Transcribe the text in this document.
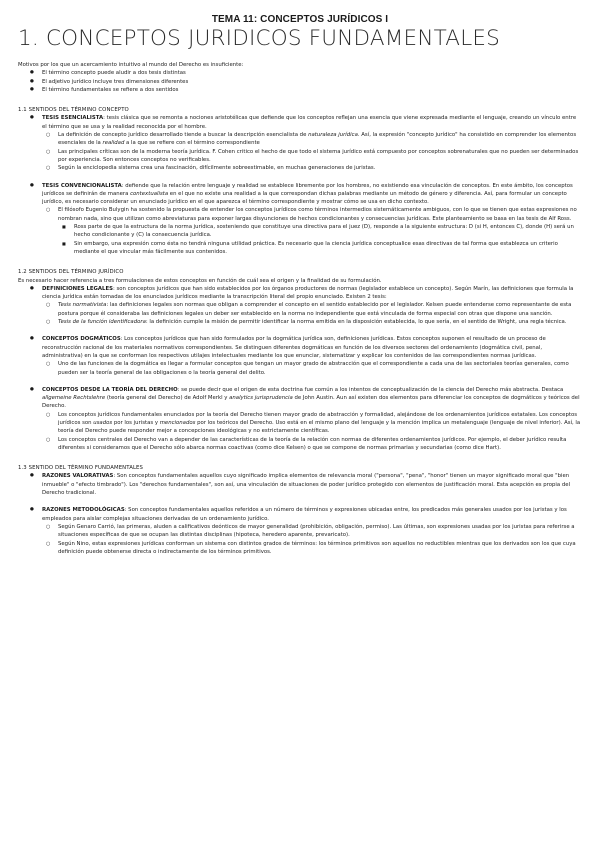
TEMA 11: CONCEPTOS JURÍDICOS I
1. CONCEPTOS JURIDICOS FUNDAMENTALES

Motivos por los que un acercamiento intuitivo al mundo del Derecho es insuficiente:

● El término concepto puede aludir a dos tesis distintas
● El adjetivo jurídico incluye tres dimensiones diferentes
● El término fundamentales se refiere a dos sentidos

1.1 SENTIDOS DEL TÉRMINO CONCEPTO

● TESIS ESENCIALISTA: tesis clásica que se remonta a nociones aristotélicas que defiende que los conceptos reflejan una esencia que viene expresada mediante el lenguaje, creando un vínculo entre el término que se usa y la realidad reconocida por el hombre.
○ La definición de concepto jurídico desarrollado tiende a buscar la descripción esencialista de naturaleza jurídica. Así, la expresión "concepto jurídico" ha consistido en comprender los elementos esenciales de la realidad a la que se refiere con el término correspondiente
○ Las principales críticas son de la moderna teoría jurídica. F. Cohen critico el hecho de que todo el sistema jurídico está compuesto por conceptos sobrenaturales que no pueden ser determinados por experiencia. Son entonces conceptos no verificables.
○ Según la enciclopedia sistema crea una fascinación, difícilmente sobreestimable, en muchas generaciones de juristas.
● TESIS CONVENCIONALISTA: defiende que la relación entre lenguaje y realidad se establece libremente por los hombres, no existiendo esa vinculación de conceptos. En este ámbito, los conceptos jurídicos se definirán de manera contextualista en el que no existe una realidad a la que correspondan dichas palabras mediante un método de género y diferencia. Así, para formular un concepto jurídico, es necesario considerar un enunciado jurídico en el que aparezca el término correspondiente y mostrar cómo se usa en dicho contexto.
○ El filósofo Eugenio Bulygin ha sostenido la propuesta de entender los conceptos jurídicos como términos intermedios sistemáticamente ambiguos, con lo que se tienen que estas expresiones no nombran nada, sino que utilizan como abreviaturas para exponer largas disyunciones de hechos condicionantes y consecuencias jurídicas. Este planteamiento se basa en las tesis de Alf Ross.
■ Ross parte de que la estructura de la norma jurídica, sosteniendo que constituye una directiva para el juez (D), responde a la siguiente estructura: D (si H, entonces C), donde (H) será un hecho condicionante y (C) la consecuencia jurídica.
■ Sin embargo, una expresión como ésta no tendrá ninguna utilidad práctica. Es necesario que la ciencia jurídica conceptualice esas directivas de tal forma que establezca un criterio mediante el que vincular más fácilmente sus contenidos.

1.2 SENTIDOS DEL TÉRMINO JURÍDICO

Es necesario hacer referencia a tres formulaciones de estos conceptos en función de cuál sea el origen y la finalidad de su formulación.

● DEFINICIONES LEGALES: son conceptos jurídicos que han sido establecidos por los órganos productores de normas (legislador establece un concepto). Según Marín, las definiciones que formula la ciencia jurídica están tomadas de los enunciados jurídicos mediante la transcripción literal del propio enunciado. Existen 2 tesis:
○ Tesis normativista: las definiciones legales son normas que obligan a comprender el concepto en el sentido establecido por el legislador. Kelsen puede entenderse como representante de esta postura porque él consideraba las definiciones legales un deber ser establecido en la norma no independiente que está vinculada de forma especial con otras que dispone una sanción.
○ Tesis de la función identificadora: la definición cumple la misión de permitir identificar la norma emitida en la disposición establecida, lo que sería, en el sentido de Wright, una regla técnica.
● CONCEPTOS DOGMÁTICOS: Los conceptos jurídicos que han sido formulados por la dogmática jurídica son, definiciones jurídicas. Estos conceptos suponen el resultado de un proceso de reconstrucción racional de los materiales normativos correspondientes. Se distinguen diferentes dogmáticas en función de los diversos sectores del ordenamiento (dogmática civil, penal, administrativa) en la que se conforman los respectivos utilajes intelectuales mediante los que enunciar, sistematizar y explicar los contenidos de las correspondientes normas jurídicas.
○ Uno de las funciones de la dogmática es llegar a formular conceptos que tengan un mayor grado de abstracción que el correspondiente a cada una de las sectoriales teorías generales, como pueden ser la teoría general de las obligaciones o la teoría general del delito.
● CONCEPTOS DESDE LA TEORÍA DEL DERECHO: se puede decir que el origen de esta doctrina fue común a los intentos de conceptualización de la ciencia del Derecho más abstracta. Destaca allgemeine Rechtslehre (teoría general del Derecho) de Adolf Merkl y analytics jurisprudencia de John Austin. Aun así existen dos elementos para diferenciar los conceptos de dogmáticos y teóricos del Derecho.
○ Los conceptos jurídicos fundamentales enunciados por la teoría del Derecho tienen mayor grado de abstracción y formalidad, alejándose de los ordenamientos jurídicos estatales. Los conceptos jurídicos son usados por los juristas y mencionados por los teóricos del Derecho. Uso está en el mismo plano del lenguaje y la mención implica un metalenguaje (lenguaje de nivel inferior). Así, la teoría del Derecho puede responder mejor a concepciones ideológicas y no estrictamente científicas.
○ Los conceptos centrales del Derecho van a depender de las características de la teoría de la relación con normas de diferentes ordenamientos jurídicos. Por ejemplo, el deber jurídico resulta diferentes si consideramos que el Derecho sólo abarca normas coactivas (como dice Kelsen) o que se compone de normas primarias y secundarias (como dice Hart).

1.3 SENTIDO DEL TÉRMINO FUNDAMENTALES

● RAZONES VALORATIVAS: Son conceptos fundamentales aquellos cuyo significado implica elementos de relevancia moral ("persona", "pena", "honor" tienen un mayor significado moral que "bien inmueble" o "efecto timbrado"). Los "derechos fundamentales", son así, una vinculación de situaciones de poder jurídico protegido con elementos de justificación moral. Esta acepción es propia del Derecho tradicional.
● RAZONES METODOLÓGICAS: Son conceptos fundamentales aquellos referidos a un número de términos y expresiones ubicadas entre, los predicados más generales usados por los juristas y los empleados para aislar complejas situaciones derivadas de un ordenamiento jurídico.
○ Según Genaro Carrió, las primeras, aluden a calificativos deónticos de mayor generalidad (prohibición, obligación, permiso). Las últimas, son expresiones usadas por los juristas para referirse a situaciones específicas de que se ocupan las distintas disciplinas (hipoteca, heredero aparente, prevaricato).
○ Según Nino, estas expresiones jurídicas conforman un sistema con distintos grados de términos: los términos primitivos son aquellos no reductibles mientras que los derivados son los que cuya definición puede obtenerse directa o indirectamente de los términos primitivos.
